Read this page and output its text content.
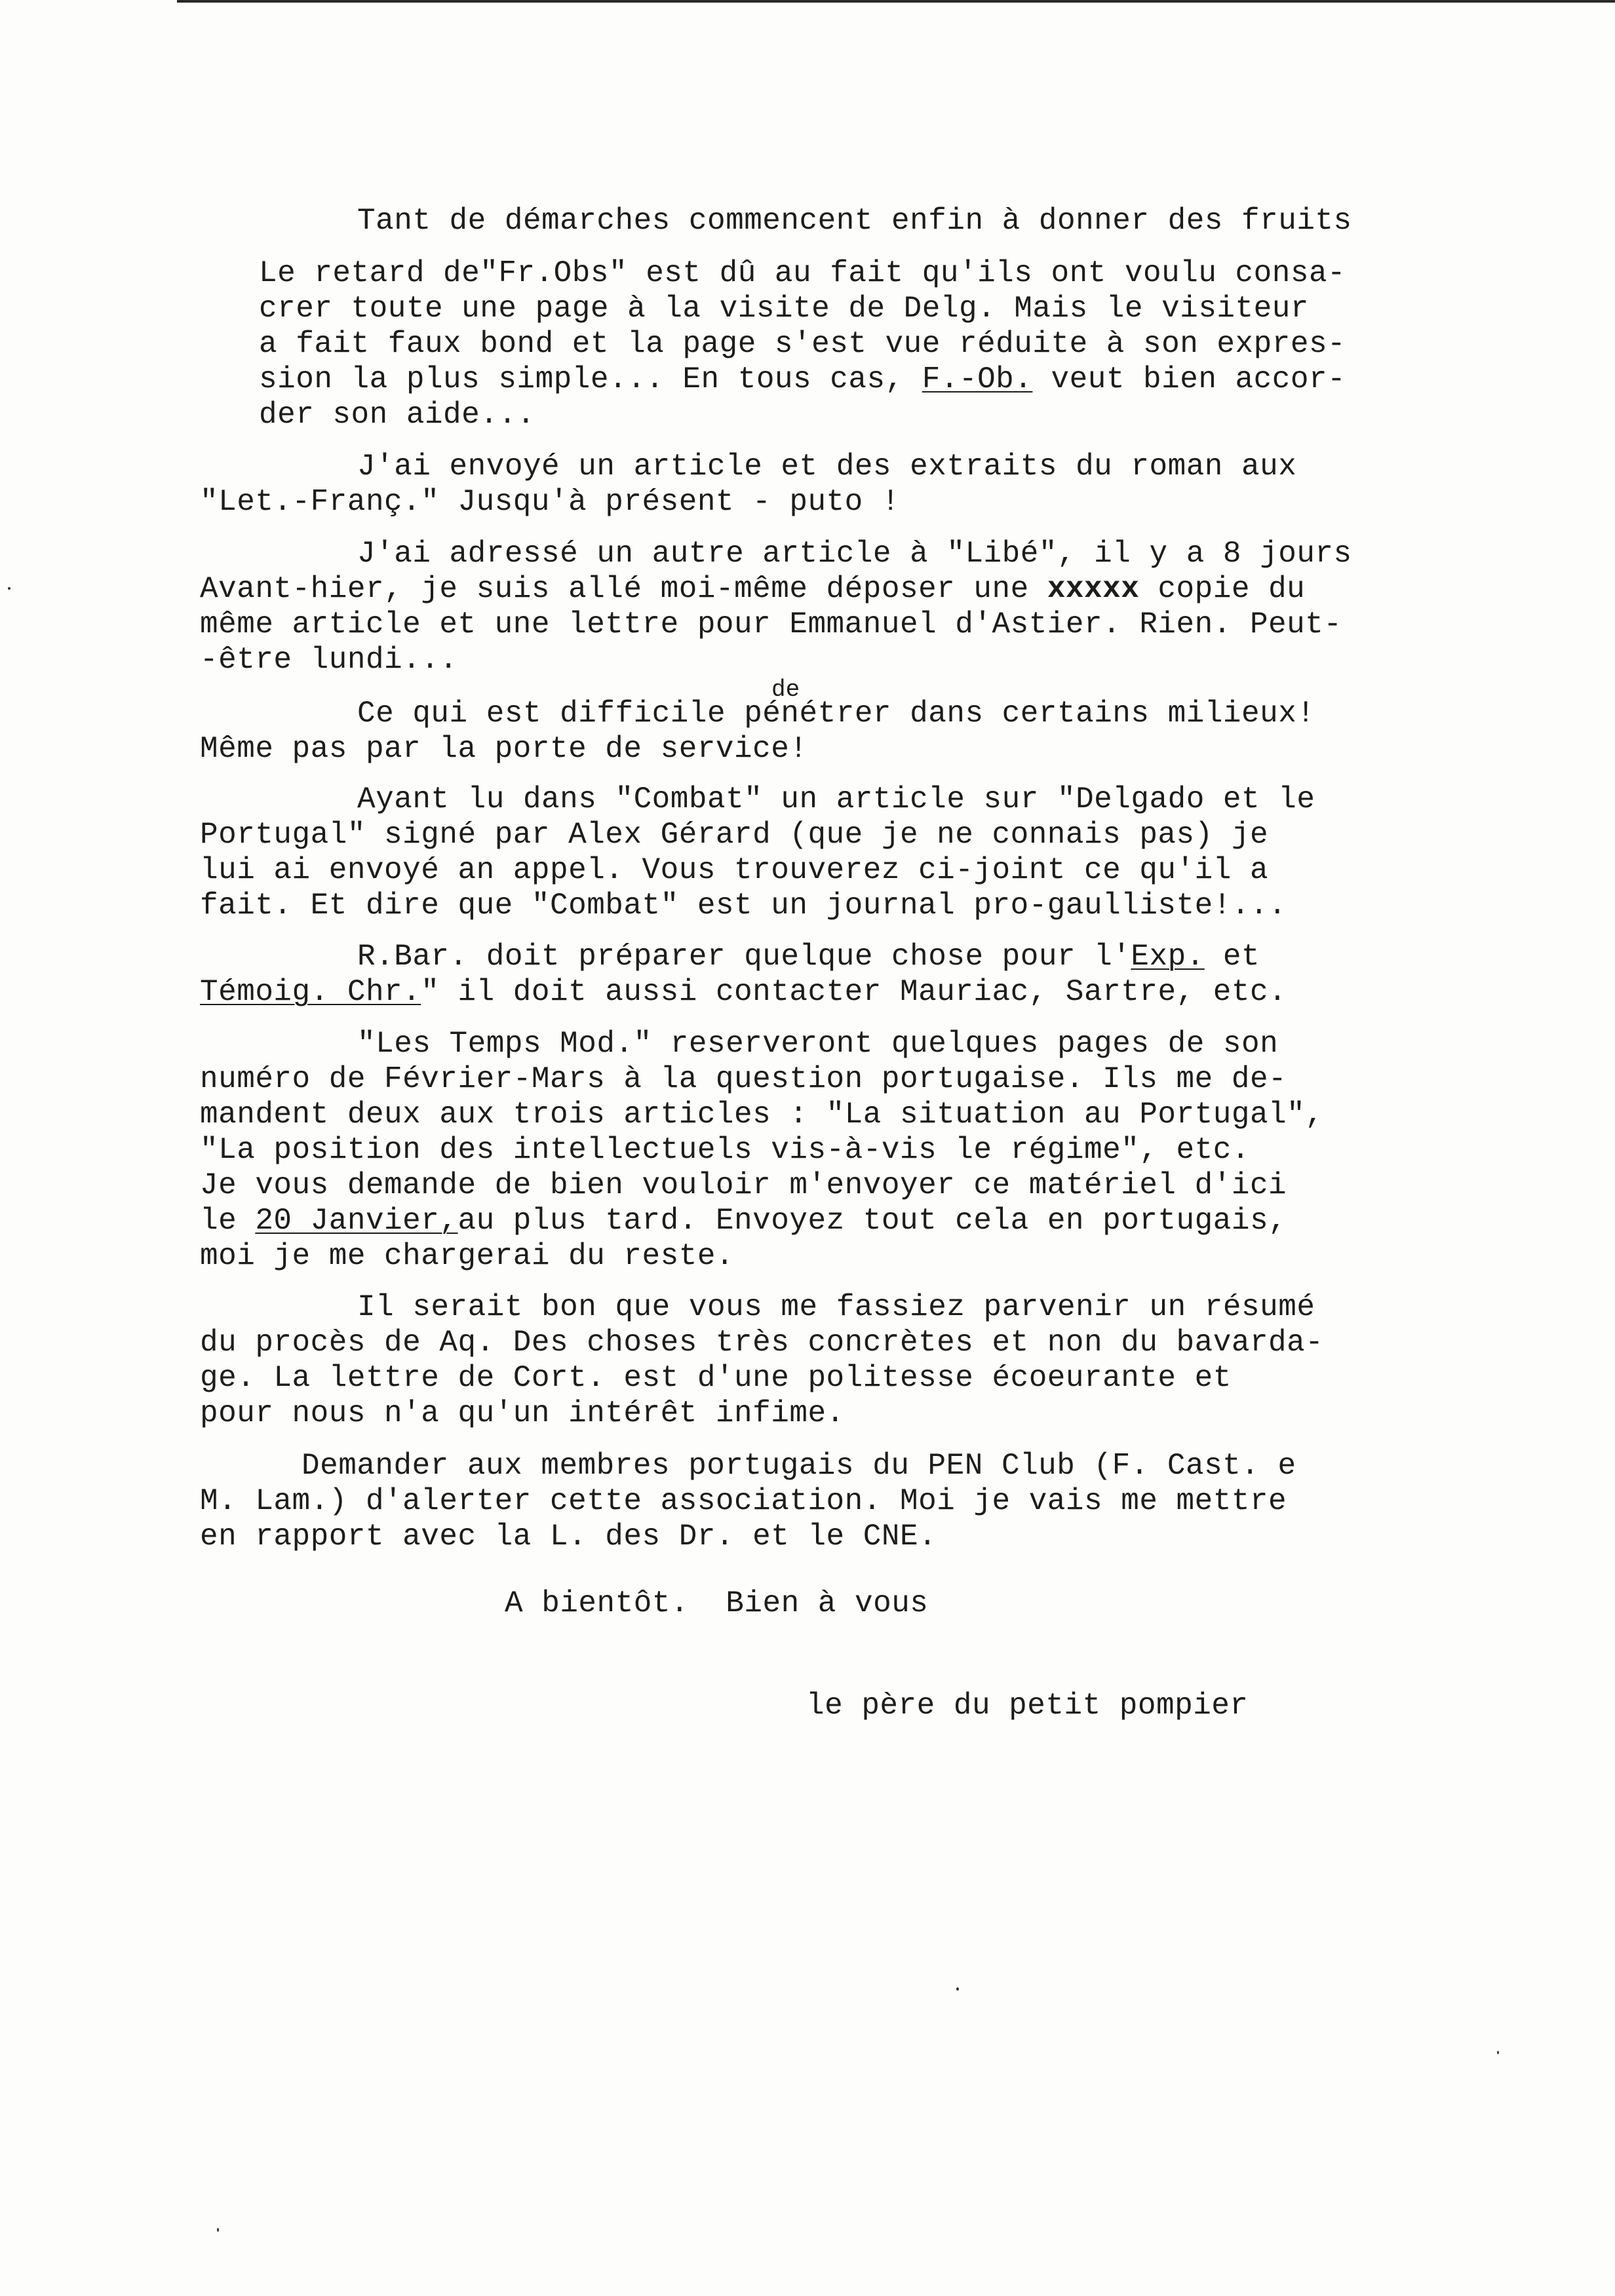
Tant de démarches commencent enfin à donner des fruits
Le retard de"Fr.Obs" est dû au fait qu'ils ont voulu consa-
crer toute une page à la visite de Delg. Mais le visiteur
a fait faux bond et la page s'est vue réduite à son expres-
sion la plus simple... En tous cas, F.-Ob. veut bien accor-
der son aide...
J'ai envoyé un article et des extraits du roman aux
"Let.-Franç." Jusqu'à présent - puto !
J'ai adressé un autre article à "Libé", il y a 8 jours
Avant-hier, je suis allé moi-même déposer une xxxxx copie du
même article et une lettre pour Emmanuel d'Astier. Rien. Peut-
-être lundi...
Ce qui est difficile pénétrer dans certains milieux!
de
Même pas par la porte de service!
Ayant lu dans "Combat" un article sur "Delgado et le
Portugal" signé par Alex Gérard (que je ne connais pas) je
lui ai envoyé an appel. Vous trouverez ci-joint ce qu'il a
fait. Et dire que "Combat" est un journal pro-gaulliste!...
R.Bar. doit préparer quelque chose pour l'Exp. et
Témoig. Chr." il doit aussi contacter Mauriac, Sartre, etc.
"Les Temps Mod." reserveront quelques pages de son
numéro de Février-Mars à la question portugaise. Ils me de-
mandent deux aux trois articles : "La situation au Portugal",
"La position des intellectuels vis-à-vis le régime", etc.
Je vous demande de bien vouloir m'envoyer ce matériel d'ici
le 20 Janvier,au plus tard. Envoyez tout cela en portugais,
moi je me chargerai du reste.
Il serait bon que vous me fassiez parvenir un résumé
du procès de Aq. Des choses très concrètes et non du bavarda-
ge. La lettre de Cort. est d'une politesse écoeurante et
pour nous n'a qu'un intérêt infime.
Demander aux membres portugais du PEN Club (F. Cast. e
M. Lam.) d'alerter cette association. Moi je vais me mettre
en rapport avec la L. des Dr. et le CNE.
A bientôt.  Bien à vous
le père du petit pompier
